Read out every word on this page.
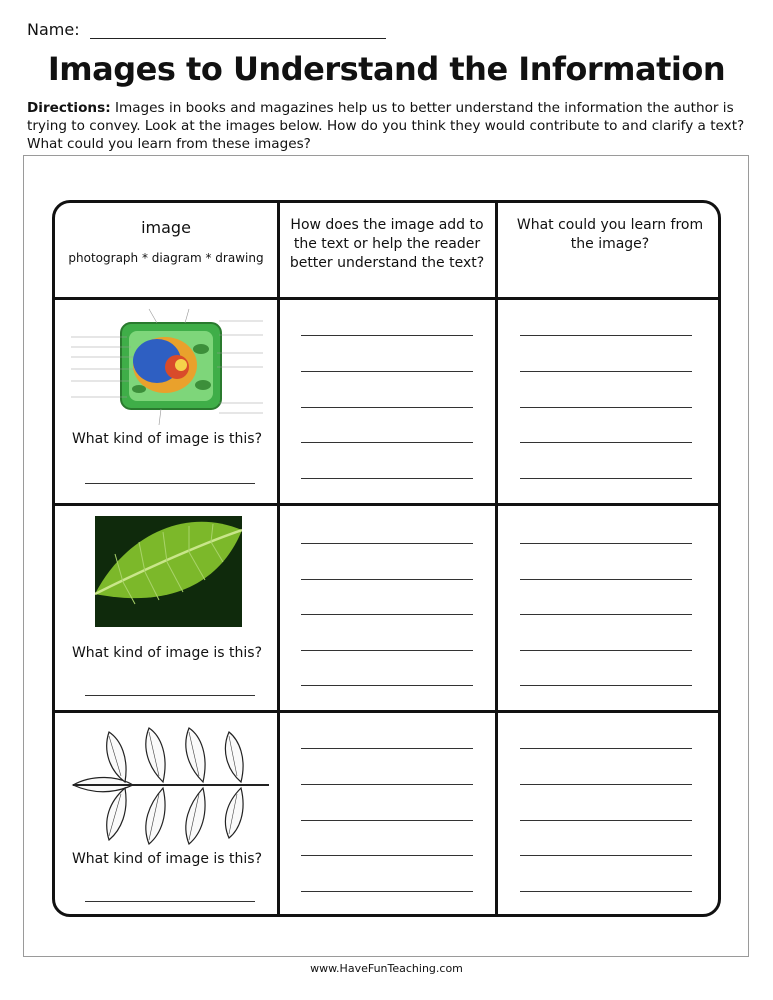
Name:
Images to Understand the Information
Directions: Images in books and magazines help us to better understand the information the author is trying to convey. Look at the images below. How do you think they would contribute to and clarify a text? What could you learn from these images?
image
photograph * diagram * drawing
How does the image add to the text or help the reader better understand the text?
What could you learn from the image?
What kind of image is this?
What kind of image is this?
What kind of image is this?
www.HaveFunTeaching.com
